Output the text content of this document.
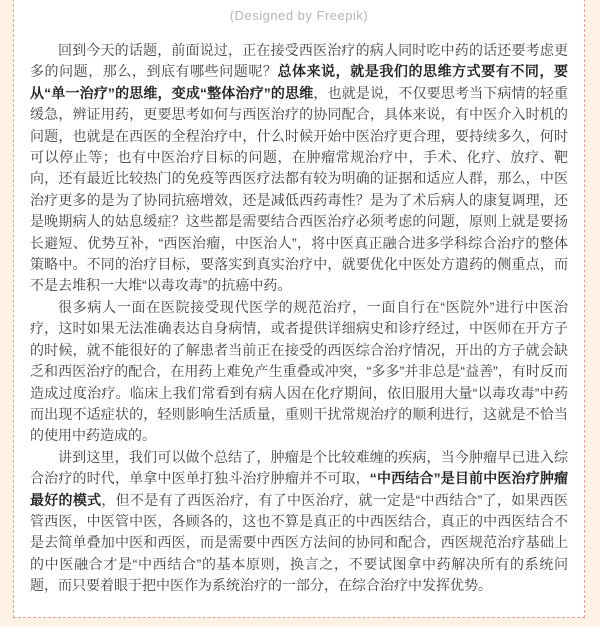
(Designed by Freepik)

回到今天的话题，前面说过，正在接受西医治疗的病人同时吃中药的话还要考虑更多的问题，那么，到底有哪些问题呢？总体来说，就是我们的思维方式要有不同，要从“单一治疗”的思维，变成“整体治疗”的思维，也就是说，不仅要思考当下病情的轻重缓急，辨证用药，更要思考如何与西医治疗的协同配合，具体来说，有中医介入时机的问题，也就是在西医的全程治疗中，什么时候开始中医治疗更合理，要持续多久，何时可以停止等；也有中医治疗目标的问题，在肿瘤常规治疗中，手术、化疗、放疗、靶向，还有最近比较热门的免疫等西医疗法都有较为明确的证据和适应人群，那么，中医治疗更多的是为了协同抗癌增效，还是减低西药毒性？是为了术后病人的康复调理，还是晚期病人的姑息缓症？这些都是需要结合西医治疗必须考虑的问题，原则上就是要扬长避短、优势互补，“西医治瘤，中医治人”，将中医真正融合进多学科综合治疗的整体策略中。不同的治疗目标，要落实到真实治疗中，就要优化中医处方遣药的侧重点，而不是去堆积一大堆“以毒攻毒”的抗癌中药。

很多病人一面在医院接受现代医学的规范治疗，一面自行在“医院外”进行中医治疗，这时如果无法准确表达自身病情，或者提供详细病史和诊疗经过，中医师在开方子的时候，就不能很好的了解患者当前正在接受的西医综合治疗情况，开出的方子就会缺乏和西医治疗的配合，在用药上难免产生重叠或冲突，“多多”并非总是“益善”，有时反而造成过度治疗。临床上我们常看到有病人因在化疗期间，依旧服用大量“以毒攻毒”中药而出现不适症状的，轻则影响生活质量，重则干扰常规治疗的顺利进行，这就是不恰当的使用中药造成的。

讲到这里，我们可以做个总结了，肿瘤是个比较难缠的疾病，当今肿瘤早已进入综合治疗的时代，单拿中医单打独斗治疗肿瘤并不可取，“中西结合”是目前中医治疗肿瘤最好的模式，但不是有了西医治疗，有了中医治疗，就一定是“中西结合”了，如果西医管西医，中医管中医，各顾各的，这也不算是真正的中西医结合，真正的中西医结合不是去简单叠加中医和西医，而是需要中西医方法间的协同和配合，西医规范治疗基础上的中医融合才是“中西结合”的基本原则，换言之，不要试图拿中药解决所有的系统问题，而只要着眼于把中医作为系统治疗的一部分，在综合治疗中发挥优势。
